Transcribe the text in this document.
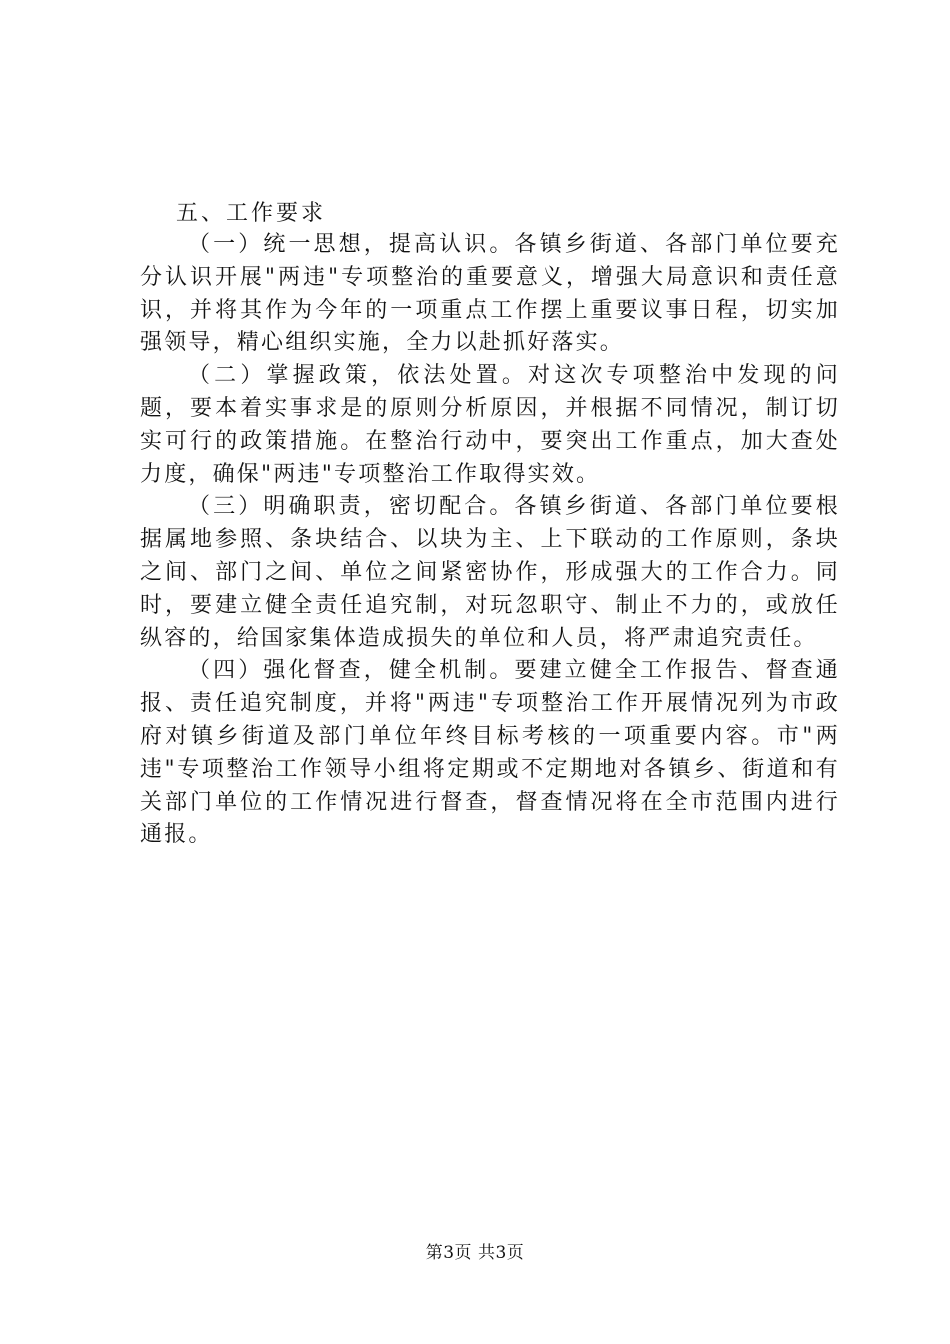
五、工作要求

（一）统一思想，提高认识。各镇乡街道、各部门单位要充分认识开展"两违"专项整治的重要意义，增强大局意识和责任意识，并将其作为今年的一项重点工作摆上重要议事日程，切实加强领导，精心组织实施，全力以赴抓好落实。

（二）掌握政策，依法处置。对这次专项整治中发现的问题，要本着实事求是的原则分析原因，并根据不同情况，制订切实可行的政策措施。在整治行动中，要突出工作重点，加大查处力度，确保"两违"专项整治工作取得实效。

（三）明确职责，密切配合。各镇乡街道、各部门单位要根据属地参照、条块结合、以块为主、上下联动的工作原则，条块之间、部门之间、单位之间紧密协作，形成强大的工作合力。同时，要建立健全责任追究制，对玩忽职守、制止不力的，或放任纵容的，给国家集体造成损失的单位和人员，将严肃追究责任。

（四）强化督查，健全机制。要建立健全工作报告、督查通报、责任追究制度，并将"两违"专项整治工作开展情况列为市政府对镇乡街道及部门单位年终目标考核的一项重要内容。市"两违"专项整治工作领导小组将定期或不定期地对各镇乡、街道和有关部门单位的工作情况进行督查，督查情况将在全市范围内进行通报。

第3页 共3页
